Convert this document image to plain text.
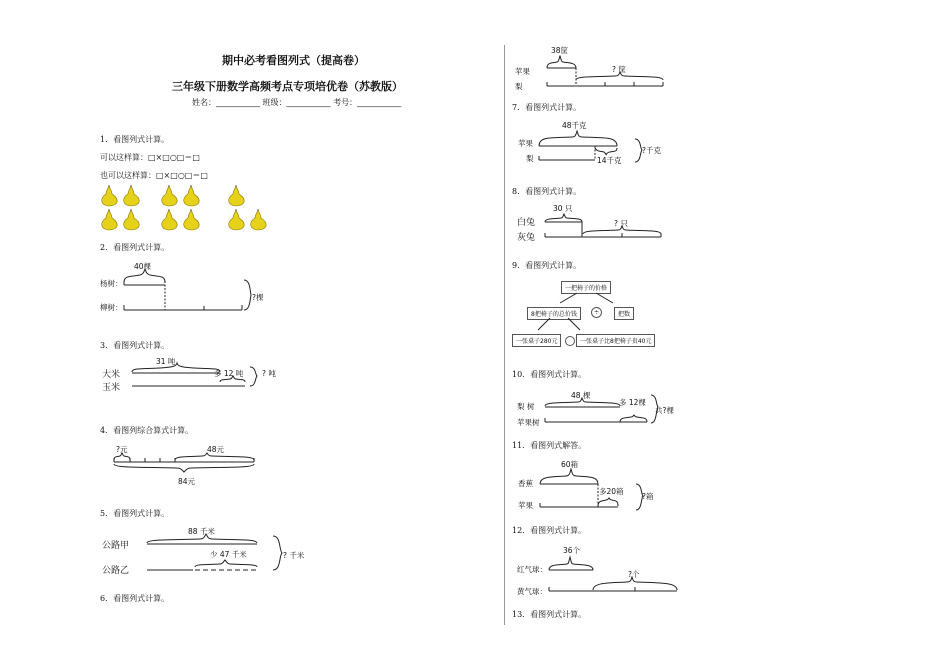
期中必考看图列式（提高卷）
三年级下册数学高频考点专项培优卷（苏教版）
姓名：___________ 班级：___________ 考号：___________
1．看图列式计算。
可以这样算：□×□○□＝□
也可以这样算：□×□○□＝□
2．看图列式计算。
40棵
杨树：
柳树：
?棵
3．看图列式计算。
31 吨
大米
玉米
多 12 吨 ? 吨
4．看图列综合算式计算。
?元	48元
84元
5．看图列式计算。
88 千米
公路甲
公路乙
少 47 千米	? 千米
6．看图列式计算。
38筐
苹果
梨
? 筐
7．看图列式计算。
48千克
苹果
梨	14千克
?千克
8．看图列式计算。
30 只
白兔
灰兔
? 只
9．看图列式计算。
一把椅子的价格
8把椅子的总价钱	÷	把数
一张桌子280元	一张桌子比8把椅子贵40元
10．看图列式计算。
48 棵
梨 树
苹果树
多 12棵
共?棵
11．看图列式解答。
60箱
香蕉
苹果
多20箱
?箱
12．看图列式计算。
36个
红气球：
黄气球：
?个
13．看图列式计算。
